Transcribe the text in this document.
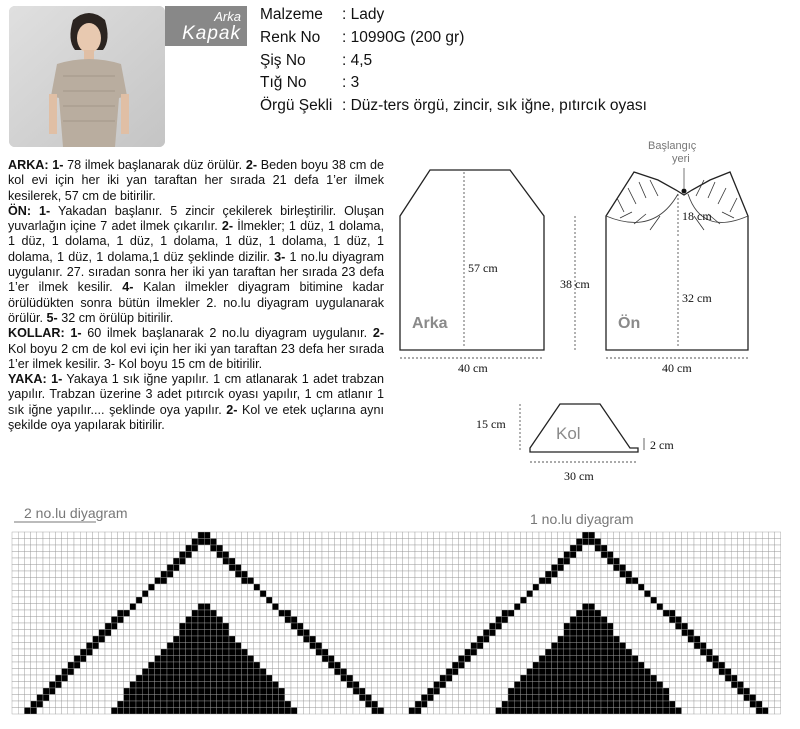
Arka
Kapak
Malzeme	: Lady
Renk No	: 10990G (200 gr)
Şiş No	: 4,5
Tığ No	: 3
Örgü Şekli : Düz-ters örgü, zincir, sık iğne, pıtırcık oyası

ARKA: 1- 78 ilmek başlanarak düz örülür. 2- Beden boyu 38 cm de kol evi için her iki yan taraftan her sırada 21 defa 1’er ilmek kesilerek, 57 cm de bitirilir.

ÖN: 1- Yakadan başlanır. 5 zincir çekilerek birleştirilir. Oluşan yuvarlağın içine 7 adet ilmek çıkarılır. 2- İlmekler; 1 düz, 1 dolama, 1 düz, 1 dolama, 1 düz, 1 dolama, 1 düz, 1 dolama, 1 düz, 1 dolama, 1 düz, 1 dolama,1 düz şeklinde dizilir. 3- 1 no.lu diyagram uygulanır. 27. sıradan sonra her iki yan taraftan her sırada 23 defa 1’er ilmek kesilir. 4- Kalan ilmekler diyagram bitimine kadar örülüdükten sonra bütün ilmekler 2. no.lu diyagram uygulanarak örülür. 5- 32 cm örülüp bitirilir.

KOLLAR: 1- 60 ilmek başlanarak 2 no.lu diyagram uygulanır. 2- Kol boyu 2 cm de kol evi için her iki yan taraftan 23 defa her sırada 1’er ilmek kesilir. 3- Kol boyu 15 cm de bitirilir.

YAKA: 1- Yakaya 1 sık iğne yapılır. 1 cm atlanarak 1 adet trabzan yapılır. Trabzan üzerine 3 adet pıtırcık oyası yapılır, 1 cm atlanır 1 sık iğne yapılır.... şeklinde oya yapılır. 2- Kol ve etek uçlarına aynı şekilde oya yapılarak bitirilir.

57 cm
Arka
40 cm
38 cm
Başlangıç
yeri
18 cm
32 cm
Ön
40 cm
Kol
15 cm
2 cm
30 cm
2 no.lu diyagram	1 no.lu diyagram
